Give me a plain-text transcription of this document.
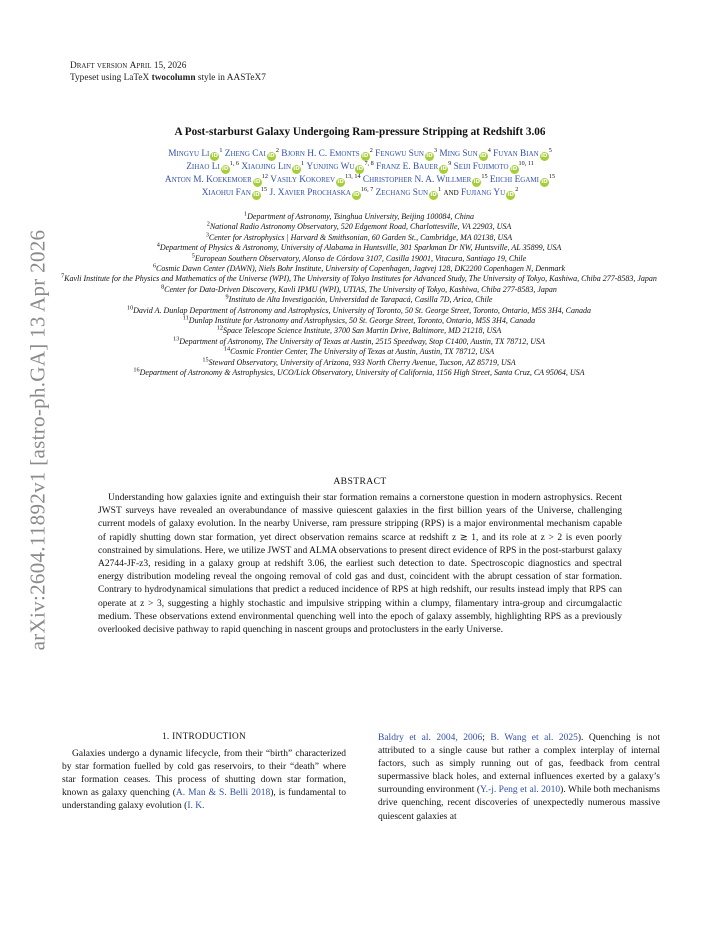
arXiv:2604.11892v1 [astro-ph.GA] 13 Apr 2026
Draft version April 15, 2026
Typeset using LaTeX twocolumn style in AASTeX7
A Post-starburst Galaxy Undergoing Ram-pressure Stripping at Redshift 3.06
Mingyu Li $iD^1$ Zheng Cai $iD^2$ Bjorn H. C. Emonts $iD^2$ Fengwu Sun $iD^3$ Ming Sun $iD^4$ Fuyan Bian $iD^5$
Zihao Li iD$^{1, 6}$ Xiaojing Lin $iD^1$ Yunjing Wu iD$^{7, 8}$ Franz E. Bauer $iD^9$ Seiji Fujimoto iD$^{10, 11}$
Anton M. Koekemoer $iD^{12}$ Vasily Kokorev iD$^{13, 14}$ Christopher N. A. Willmer $iD^{15}$ Eiichi Egami $iD^{15}$
Xiaohui Fan $iD^{15}$ J. Xavier Prochaska iD$^{16, 7}$ Zechang Sun $iD^1$ and Fujiang Yu $iD^2$
$^1$Department of Astronomy, Tsinghua University, Beijing 100084, China
$^2$National Radio Astronomy Observatory, 520 Edgemont Road, Charlottesville, VA 22903, USA
$^3$Center for Astrophysics | Harvard & Smithsonian, 60 Garden St., Cambridge, MA 02138, USA
$^4$Department of Physics & Astronomy, University of Alabama in Huntsville, 301 Sparkman Dr NW, Huntsville, AL 35899, USA
$^5$European Southern Observatory, Alonso de Córdova 3107, Casilla 19001, Vitacura, Santiago 19, Chile
$^6$Cosmic Dawn Center (DAWN), Niels Bohr Institute, University of Copenhagen, Jagtvej 128, DK2200 Copenhagen N, Denmark
$^7$Kavli Institute for the Physics and Mathematics of the Universe (WPI), The University of Tokyo Institutes for Advanced Study, The University of Tokyo, Kashiwa, Chiba 277-8583, Japan
$^8$Center for Data-Driven Discovery, Kavli IPMU (WPI), UTIAS, The University of Tokyo, Kashiwa, Chiba 277-8583, Japan
$^9$Instituto de Alta Investigación, Universidad de Tarapacá, Casilla 7D, Arica, Chile
$^{10}$David A. Dunlap Department of Astronomy and Astrophysics, University of Toronto, 50 St. George Street, Toronto, Ontario, M5S 3H4, Canada
$^{11}$Dunlap Institute for Astronomy and Astrophysics, 50 St. George Street, Toronto, Ontario, M5S 3H4, Canada
$^{12}$Space Telescope Science Institute, 3700 San Martin Drive, Baltimore, MD 21218, USA
$^{13}$Department of Astronomy, The University of Texas at Austin, 2515 Speedway, Stop C1400, Austin, TX 78712, USA
$^{14}$Cosmic Frontier Center, The University of Texas at Austin, Austin, TX 78712, USA
$^{15}$Steward Observatory, University of Arizona, 933 North Cherry Avenue, Tucson, AZ 85719, USA
$^{16}$Department of Astronomy & Astrophysics, UCO/Lick Observatory, University of California, 1156 High Street, Santa Cruz, CA 95064, USA
ABSTRACT
Understanding how galaxies ignite and extinguish their star formation remains a cornerstone question in modern astrophysics. Recent JWST surveys have revealed an overabundance of massive quiescent galaxies in the first billion years of the Universe, challenging current models of galaxy evolution. In the nearby Universe, ram pressure stripping (RPS) is a major environmental mechanism capable of rapidly shutting down star formation, yet direct observation remains scarce at redshift z ≳ 1, and its role at z > 2 is even poorly constrained by simulations. Here, we utilize JWST and ALMA observations to present direct evidence of RPS in the post-starburst galaxy A2744-JF-z3, residing in a galaxy group at redshift 3.06, the earliest such detection to date. Spectroscopic diagnostics and spectral energy distribution modeling reveal the ongoing removal of cold gas and dust, coincident with the abrupt cessation of star formation. Contrary to hydrodynamical simulations that predict a reduced incidence of RPS at high redshift, our results instead imply that RPS can operate at z > 3, suggesting a highly stochastic and impulsive stripping within a clumpy, filamentary intra-group and circumgalactic medium. These observations extend environmental quenching well into the epoch of galaxy assembly, highlighting RPS as a previously overlooked decisive pathway to rapid quenching in nascent groups and protoclusters in the early Universe.
1. INTRODUCTION
Galaxies undergo a dynamic lifecycle, from their “birth” characterized by star formation fuelled by cold gas reservoirs, to their “death” where star formation ceases. This process of shutting down star formation, known as galaxy quenching (A. Man & S. Belli 2018), is fundamental to understanding galaxy evolution (I. K.
Baldry et al. 2004, 2006; B. Wang et al. 2025). Quenching is not attributed to a single cause but rather a complex interplay of internal factors, such as simply running out of gas, feedback from central supermassive black holes, and external influences exerted by a galaxy’s surrounding environment (Y.-j. Peng et al. 2010). While both mechanisms drive quenching, recent discoveries of unexpectedly numerous massive quiescent galaxies at
